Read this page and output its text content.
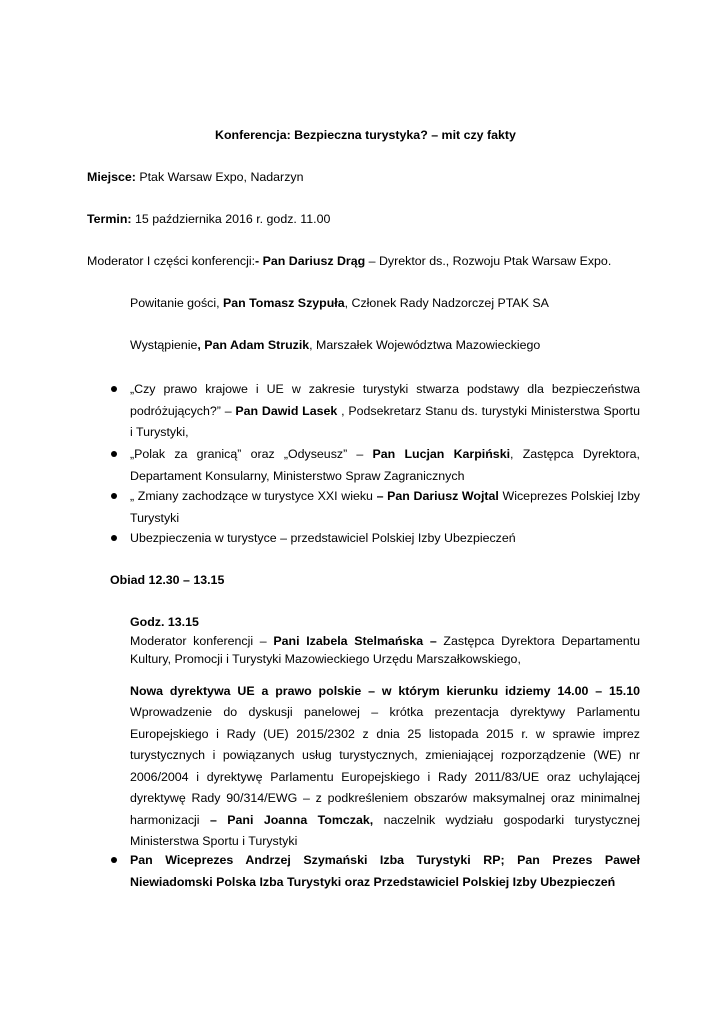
Konferencja: Bezpieczna turystyka? – mit czy fakty
Miejsce: Ptak Warsaw Expo, Nadarzyn
Termin: 15 października 2016 r. godz. 11.00
Moderator I części konferencji:- Pan Dariusz Drąg – Dyrektor ds., Rozwoju Ptak Warsaw Expo.
Powitanie gości, Pan Tomasz Szypuła, Członek Rady Nadzorczej PTAK SA
Wystąpienie, Pan Adam Struzik, Marszałek Województwa Mazowieckiego
„Czy prawo krajowe i UE w zakresie turystyki stwarza podstawy dla bezpieczeństwa podróżujących?” – Pan Dawid Lasek , Podsekretarz Stanu ds. turystyki Ministerstwa Sportu i Turystyki,
„Polak za granicą” oraz „Odyseusz” – Pan Lucjan Karpiński, Zastępca Dyrektora, Departament Konsularny, Ministerstwo Spraw Zagranicznych
„ Zmiany zachodzące w turystyce XXI wieku – Pan Dariusz Wojtal Wiceprezes Polskiej Izby Turystyki
Ubezpieczenia w turystyce – przedstawiciel Polskiej Izby Ubezpieczeń
Obiad 12.30 – 13.15
Godz. 13.15
Moderator konferencji – Pani Izabela Stelmańska – Zastępca Dyrektora Departamentu Kultury, Promocji i Turystyki Mazowieckiego Urzędu Marszałkowskiego,
Nowa dyrektywa UE a prawo polskie – w którym kierunku idziemy 14.00 – 15.10
Wprowadzenie do dyskusji panelowej – krótka prezentacja dyrektywy Parlamentu Europejskiego i Rady (UE) 2015/2302 z dnia 25 listopada 2015 r. w sprawie imprez turystycznych i powiązanych usług turystycznych, zmieniającej rozporządzenie (WE) nr 2006/2004 i dyrektywę Parlamentu Europejskiego i Rady 2011/83/UE oraz uchylającej dyrektywę Rady 90/314/EWG – z podkreśleniem obszarów maksymalnej oraz minimalnej harmonizacji – Pani Joanna Tomczak, naczelnik wydziału gospodarki turystycznej Ministerstwa Sportu i Turystyki
Pan Wiceprezes Andrzej Szymański Izba Turystyki RP; Pan Prezes Paweł Niewiadomski Polska Izba Turystyki oraz Przedstawiciel Polskiej Izby Ubezpieczeń
